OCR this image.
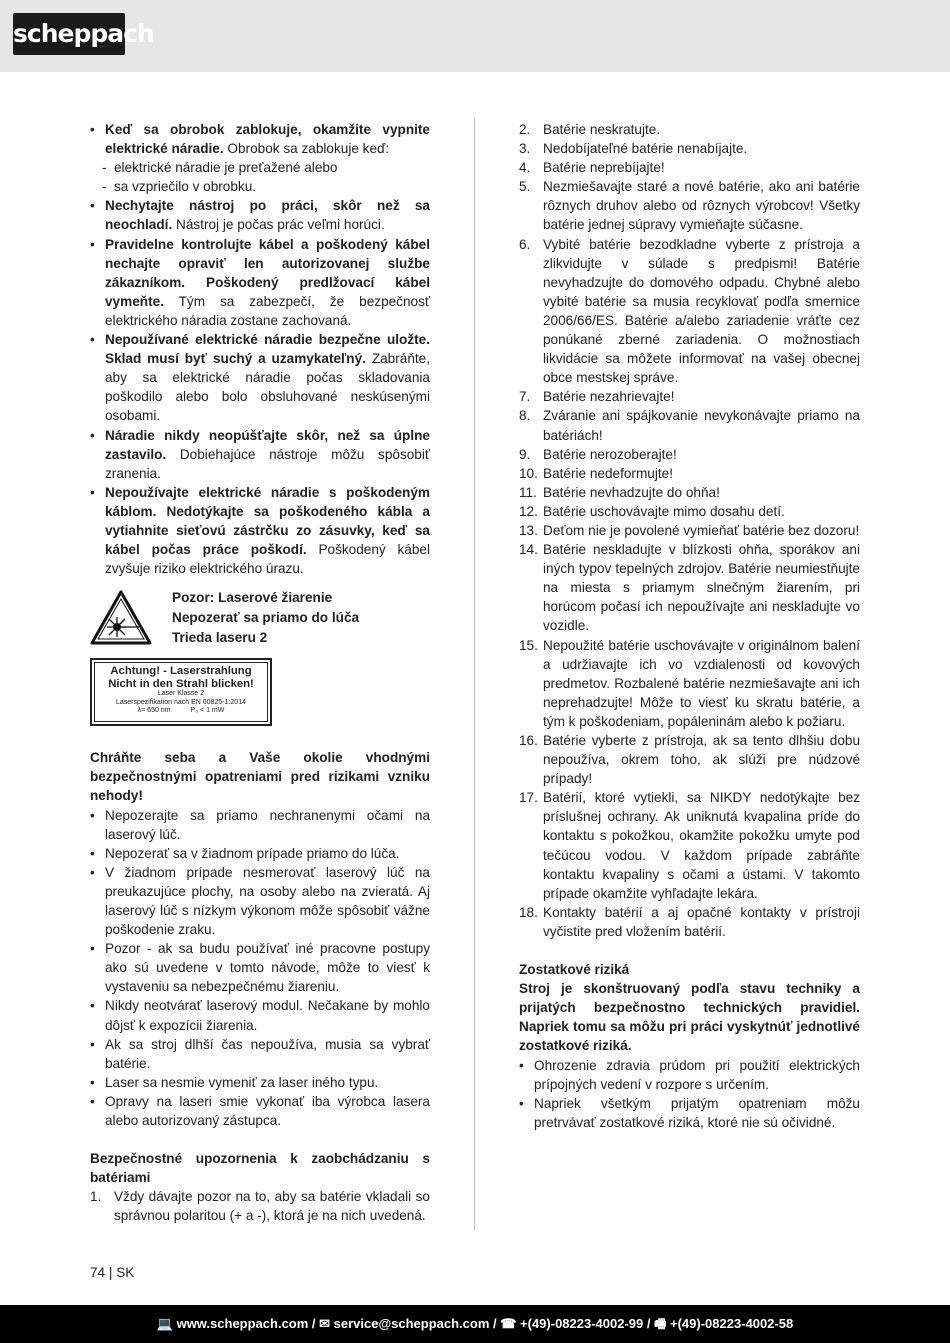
scheppach
• Keď sa obrobok zablokuje, okamžite vypnite elektrické náradie. Obrobok sa zablokuje keď:
- elektrické náradie je preťažené alebo
- sa vzpriečilo v obrobku.
• Nechytajte nástroj po práci, skôr než sa neochladí. Nástroj je počas prác veľmi horúci.
• Pravidelne kontrolujte kábel a poškodený kábel nechajte opraviť len autorizovanej službe zákazníkom. Poškodený predlžovací kábel vymeňte. Tým sa zabezpečí, že bezpečnosť elektrického náradia zostane zachovaná.
• Nepoužívané elektrické náradie bezpečne uložte. Sklad musí byť suchý a uzamykateľný. Zabráňte, aby sa elektrické náradie počas skladovania poškodilo alebo bolo obsluhované neskúsenými osobami.
• Náradie nikdy neopúšťajte skôr, než sa úplne zastavilo. Dobiehajúce nástroje môžu spôsobiť zranenia.
• Nepoužívajte elektrické náradie s poškodeným káblom. Nedotýkajte sa poškodeného kábla a vytiahnite sieťovú zástrčku zo zásuvky, keď sa kábel počas práce poškodí. Poškodený kábel zvyšuje riziko elektrického úrazu.
Pozor: Laserové žiarenie
Nepozerať sa priamo do lúča
Trieda laseru 2
Achtung! - Laserstrahlung
Nicht in den Strahl blicken!
Laser Klasse 2
Laserspezifikation nach EN 60825-1:2014
λ= 650 nm	P₀ < 1 mW
Chráňte seba a Vaše okolie vhodnými bezpečnostnými opatreniami pred rizikami vzniku nehody!
• Nepozerajte sa priamo nechranenymi očami na laserový lúč.
• Nepozerať sa v žiadnom prípade priamo do lúča.
• V žiadnom prípade nesmerovať laserový lúč na preukazujúce plochy, na osoby alebo na zvieratá. Aj laserový lúč s nízkym výkonom môže spôsobiť vážne poškodenie zraku.
• Pozor - ak sa budu používať iné pracovne postupy ako sú uvedene v tomto návode, môže to viesť k vystaveniu sa nebezpečnému žiareniu.
• Nikdy neotvárať laserový modul. Nečakane by mohlo dôjsť k expozícii žiarenia.
• Ak sa stroj dlhší čas nepoužíva, musia sa vybrať batérie.
• Laser sa nesmie vymeniť za laser iného typu.
• Opravy na laseri smie vykonať iba výrobca lasera alebo autorizovaný zástupca.
Bezpečnostné upozornenia k zaobchádzaniu s batériami
1. Vždy dávajte pozor na to, aby sa batérie vkladali so správnou polaritou (+ a -), ktorá je na nich uvedená.
2. Batérie neskratujte.
3. Nedobíjateľné batérie nenabíjajte.
4. Batérie neprebíjajte!
5. Nezmiešavajte staré a nové batérie, ako ani batérie rôznych druhov alebo od rôznych výrobcov! Všetky batérie jednej súpravy vymieňajte súčasne.
6. Vybité batérie bezodkladne vyberte z prístroja a zlikvidujte v súlade s predpismi! Batérie nevyhadzujte do domového odpadu. Chybné alebo vybité batérie sa musia recyklovať podľa smernice 2006/66/ES. Batérie a/alebo zariadenie vráťte cez ponúkané zberné zariadenia. O možnostiach likvidácie sa môžete informovať na vašej obecnej obce mestskej správe.
7. Batérie nezahrievajte!
8. Zváranie ani spájkovanie nevykonávajte priamo na batériách!
9. Batérie nerozoberajte!
10. Batérie nedeformujte!
11. Batérie nevhadzujte do ohňa!
12. Batérie uschovávajte mimo dosahu detí.
13. Deťom nie je povolené vymieňať batérie bez dozoru!
14. Batérie neskladujte v blízkosti ohňa, sporákov ani iných typov tepelných zdrojov. Batérie neumiestňujte na miesta s priamym slnečným žiarením, pri horúcom počasí ich nepoužívajte ani neskladujte vo vozidle.
15. Nepoužité batérie uschovávajte v originálnom balení a udržiavajte ich vo vzdialenosti od kovových predmetov. Rozbalené batérie nezmiešavajte ani ich neprehadzujte! Môže to viesť ku skratu batérie, a tým k poškodeniam, popáleninám alebo k požiaru.
16. Batérie vyberte z prístroja, ak sa tento dlhšiu dobu nepoužíva, okrem toho, ak slúži pre núdzové prípady!
17. Batérií, ktoré vytiekli, sa NIKDY nedotýkajte bez príslušnej ochrany. Ak uniknutá kvapalina príde do kontaktu s pokožkou, okamžite pokožku umyte pod tečúcou vodou. V každom prípade zabráňte kontaktu kvapaliny s očami a ústami. V takomto prípade okamžite vyhľadajte lekára.
18. Kontakty batérií a aj opačné kontakty v prístroji vyčistite pred vložením batérií.
Zostatkové riziká
Stroj je skonštruovaný podľa stavu techniky a prijatých bezpečnostno technických pravidiel. Napriek tomu sa môžu pri práci vyskytnúť jednotlivé zostatkové riziká.
• Ohrozenie zdravia prúdom pri použití elektrických prípojných vedení v rozpore s určením.
• Napriek všetkým prijatým opatreniam môžu pretrvávať zostatkové riziká, ktoré nie sú očividné.
74 | SK
💻 www.scheppach.com / ✉ service@scheppach.com / ☎ +(49)-08223-4002-99 / 🖷 +(49)-08223-4002-58
